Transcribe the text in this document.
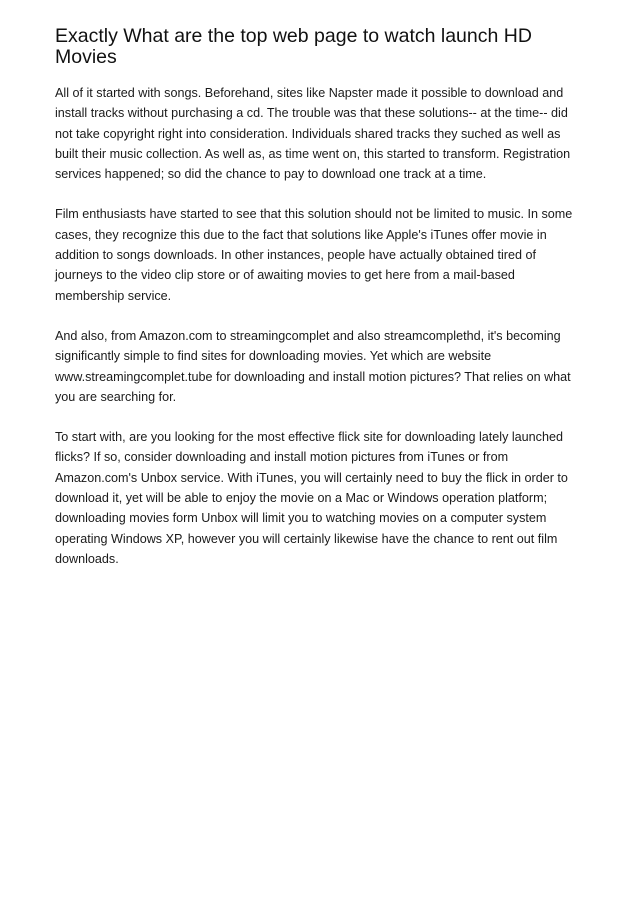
Exactly What are the top web page to watch launch HD Movies

All of it started with songs. Beforehand, sites like Napster made it possible to download and install tracks without purchasing a cd. The trouble was that these solutions-- at the time-- did not take copyright right into consideration. Individuals shared tracks they suched as well as built their music collection. As well as, as time went on, this started to transform. Registration services happened; so did the chance to pay to download one track at a time.

Film enthusiasts have started to see that this solution should not be limited to music. In some cases, they recognize this due to the fact that solutions like Apple's iTunes offer movie in addition to songs downloads. In other instances, people have actually obtained tired of journeys to the video clip store or of awaiting movies to get here from a mail-based membership service.

And also, from Amazon.com to streamingcomplet and also streamcomplethd, it's becoming significantly simple to find sites for downloading movies. Yet which are website www.streamingcomplet.tube for downloading and install motion pictures? That relies on what you are searching for.

To start with, are you looking for the most effective flick site for downloading lately launched flicks? If so, consider downloading and install motion pictures from iTunes or from Amazon.com's Unbox service. With iTunes, you will certainly need to buy the flick in order to download it, yet will be able to enjoy the movie on a Mac or Windows operation platform; downloading movies form Unbox will limit you to watching movies on a computer system operating Windows XP, however you will certainly likewise have the chance to rent out film downloads.
